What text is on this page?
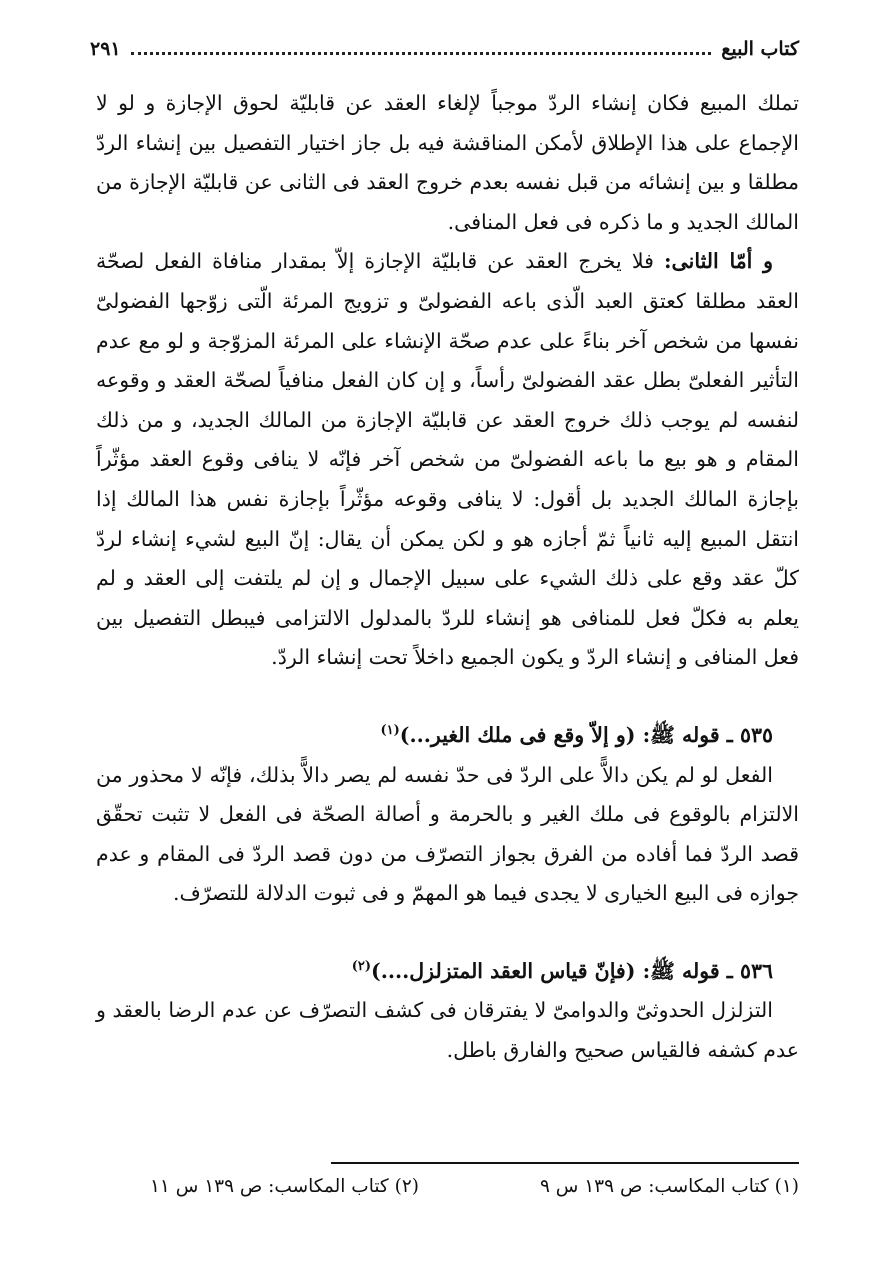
كتاب البيع
٢٩١

تملك المبيع فكان إنشاء الردّ موجباً لإلغاء العقد عن قابليّة لحوق الإجازة و لو لا الإجماع على هذا الإطلاق لأمكن المناقشة فيه بل جاز اختيار التفصيل بين إنشاء الردّ مطلقا و بين إنشائه من قبل نفسه بعدم خروج العقد فى الثانى عن قابليّة الإجازة من المالك الجديد و ما ذكره فى فعل المنافى.

و أمّا الثانى: فلا يخرج العقد عن قابليّة الإجازة إلاّ بمقدار منافاة الفعل لصحّة العقد مطلقا كعتق العبد الّذى باعه الفضولىّ و تزويج المرئة الّتى زوّجها الفضولىّ نفسها من شخص آخر بناءً على عدم صحّة الإنشاء على المرئة المزوّجة و لو مع عدم التأثير الفعلىّ بطل عقد الفضولىّ رأساً، و إن كان الفعل منافياً لصحّة العقد و وقوعه لنفسه لم يوجب ذلك خروج العقد عن قابليّة الإجازة من المالك الجديد، و من ذلك المقام و هو بيع ما باعه الفضولىّ من شخص آخر فإنّه لا ينافى وقوع العقد مؤثّراً بإجازة المالك الجديد بل أقول: لا ينافى وقوعه مؤثّراً بإجازة نفس هذا المالك إذا انتقل المبيع إليه ثانياً ثمّ أجازه هو و لكن يمكن أن يقال: إنّ البيع لشيء إنشاء لردّ كلّ عقد وقع على ذلك الشيء على سبيل الإجمال و إن لم يلتفت إلى العقد و لم يعلم به فكلّ فعل للمنافى هو إنشاء للردّ بالمدلول الالتزامى فيبطل التفصيل بين فعل المنافى و إنشاء الردّ و يكون الجميع داخلاً تحت إنشاء الردّ.

٥٣٥ ـ قوله ﷺ: (و إلاّ وقع فى ملك الغير...)$^{(١)}$

الفعل لو لم يكن دالاًّ على الردّ فى حدّ نفسه لم يصر دالاًّ بذلك، فإنّه لا محذور من الالتزام بالوقوع فى ملك الغير و بالحرمة و أصالة الصحّة فى الفعل لا تثبت تحقّق قصد الردّ فما أفاده من الفرق بجواز التصرّف من دون قصد الردّ فى المقام و عدم جوازه فى البيع الخيارى لا يجدى فيما هو المهمّ و فى ثبوت الدلالة للتصرّف.

٥٣٦ ـ قوله ﷺ: (فإنّ قياس العقد المتزلزل....)$^{(٢)}$

التزلزل الحدوثىّ والدوامىّ لا يفترقان فى كشف التصرّف عن عدم الرضا بالعقد و عدم كشفه فالقياس صحيح والفارق باطل.

(١) كتاب المكاسب: ص ١٣٩ س ٩
(٢) كتاب المكاسب: ص ١٣٩ س ١١
